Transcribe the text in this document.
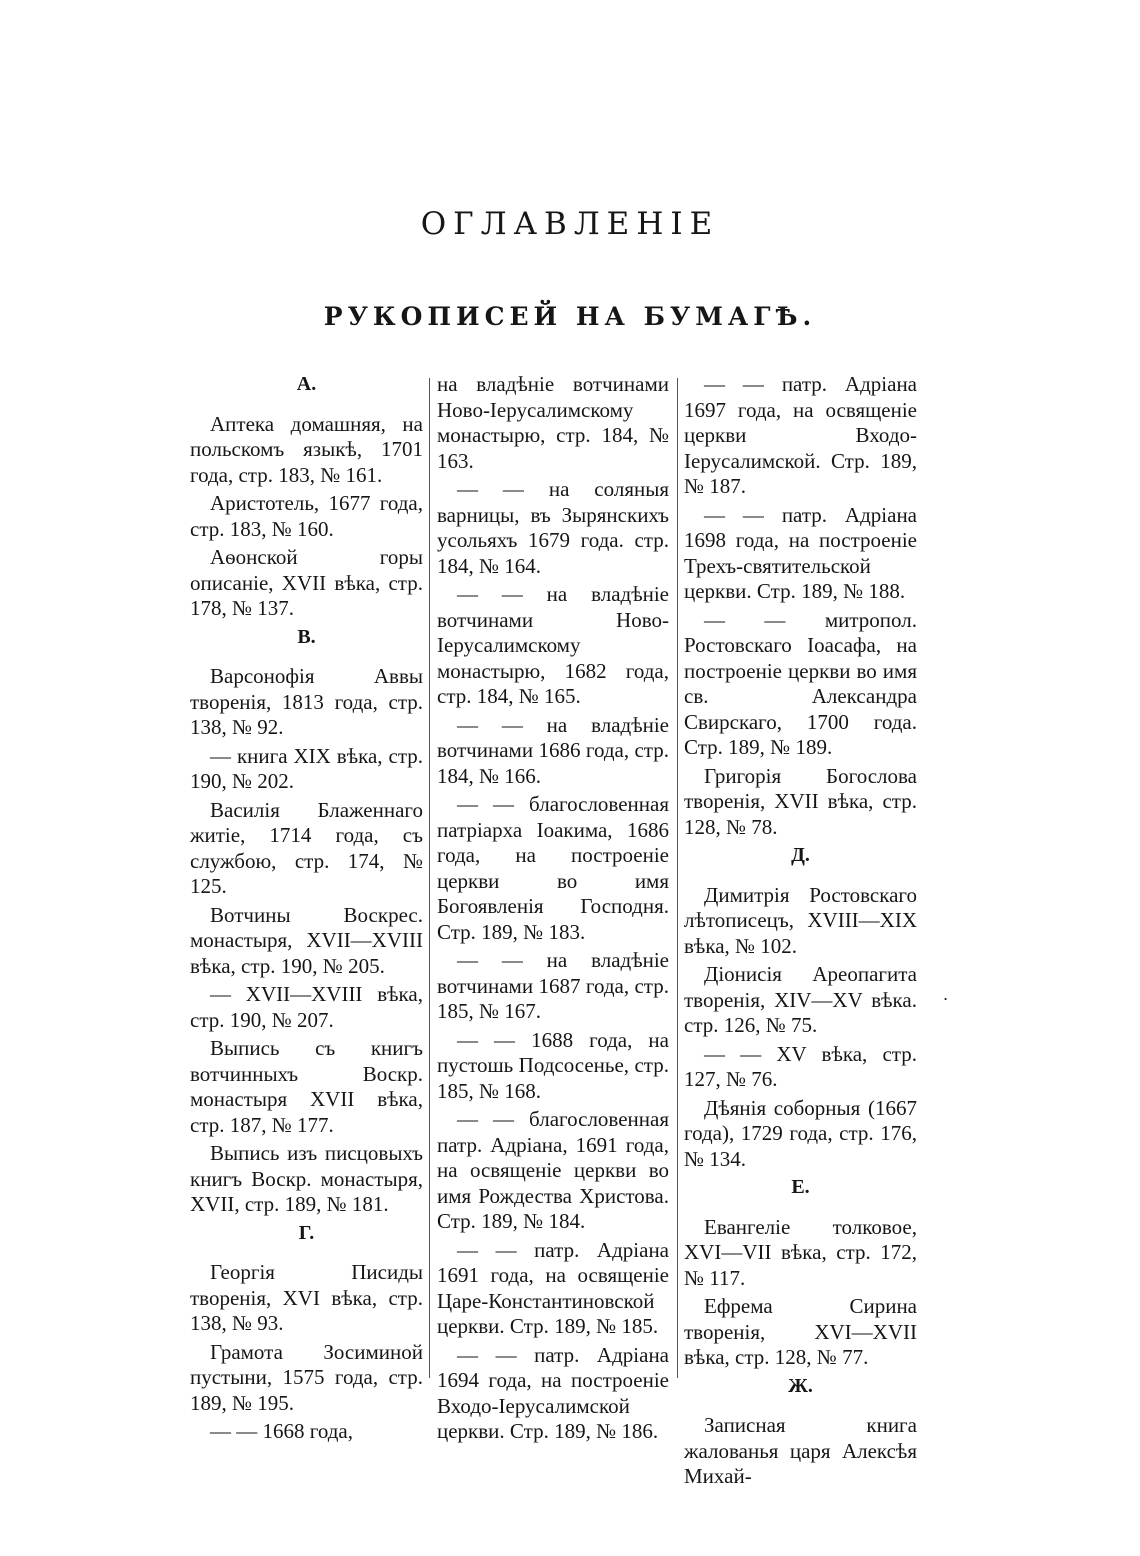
ОГЛАВЛЕНІЕ
РУКОПИСЕЙ НА БУМАГѢ.
А.
Аптека домашняя, на польскомъ языкѣ, 1701 года, стр. 183, № 161.
Аристотель, 1677 года, стр. 183, № 160.
Аѳонской горы описаніе, XVII вѣка, стр. 178, № 137.
В.
Варсонофія Аввы творенія, 1813 года, стр. 138, № 92.
— книга XIX вѣка, стр. 190, № 202.
Василія Блаженнаго житіе, 1714 года, съ службою, стр. 174, № 125.
Вотчины Воскрес. монастыря, XVII—XVIII вѣка, стр. 190, № 205.
— XVII—XVIII вѣка, стр. 190, № 207.
Выпись съ книгъ вотчинныхъ Воскр. монастыря XVII вѣка, стр. 187, № 177.
Выпись изъ писцовыхъ книгъ Воскр. монастыря, XVII, стр. 189, № 181.
Г.
Георгія Писиды творенія, XVI вѣка, стр. 138, № 93.
Грамота Зосиминой пустыни, 1575 года, стр. 189, № 195.
— — 1668 года,
на владѣніе вотчинами Ново-Іерусалимскому монастырю, стр. 184, № 163.
— — на соляныя варницы, въ Зырянскихъ усольяхъ 1679 года. стр. 184, № 164.
— — на владѣніе вотчинами Ново-Іерусалимскому монастырю, 1682 года, стр. 184, № 165.
— — на владѣніе вотчинами 1686 года, стр. 184, № 166.
— — благословенная патріарха Іоакима, 1686 года, на построеніе церкви во имя Богоявленія Господня. Стр. 189, № 183.
— — на владѣніе вотчинами 1687 года, стр. 185, № 167.
— — 1688 года, на пустошь Подсосенье, стр. 185, № 168.
— — благословенная патр. Адріана, 1691 года, на освященіе церкви во имя Рождества Христова. Стр. 189, № 184.
— — патр. Адріана 1691 года, на освященіе Царе-Константиновской церкви. Стр. 189, № 185.
— — патр. Адріана 1694 года, на построеніе Входо-Іерусалимской церкви. Стр. 189, № 186.
— — патр. Адріана 1697 года, на освященіе церкви Входо-Іерусалимской. Стр. 189, № 187.
— — патр. Адріана 1698 года, на построеніе Трехъ-святительской церкви. Стр. 189, № 188.
— — митропол. Ростовскаго Іоасафа, на построеніе церкви во имя св. Александра Свирскаго, 1700 года. Стр. 189, № 189.
Григорія Богослова творенія, XVII вѣка, стр. 128, № 78.
Д.
Димитрія Ростовскаго лѣтописецъ, XVIII—XIX вѣка, № 102.
Діонисія Ареопагита творенія, XIV—XV вѣка. стр. 126, № 75.
— — XV вѣка, стр. 127, № 76.
Дѣянія соборныя (1667 года), 1729 года, стр. 176, № 134.
Е.
Евангеліе толковое, XVI—VII вѣка, стр. 172, № 117.
Ефрема Сирина творенія, XVI—XVII вѣка, стр. 128, № 77.
Ж.
Записная книга жалованья царя Алексѣя Михай-
.
